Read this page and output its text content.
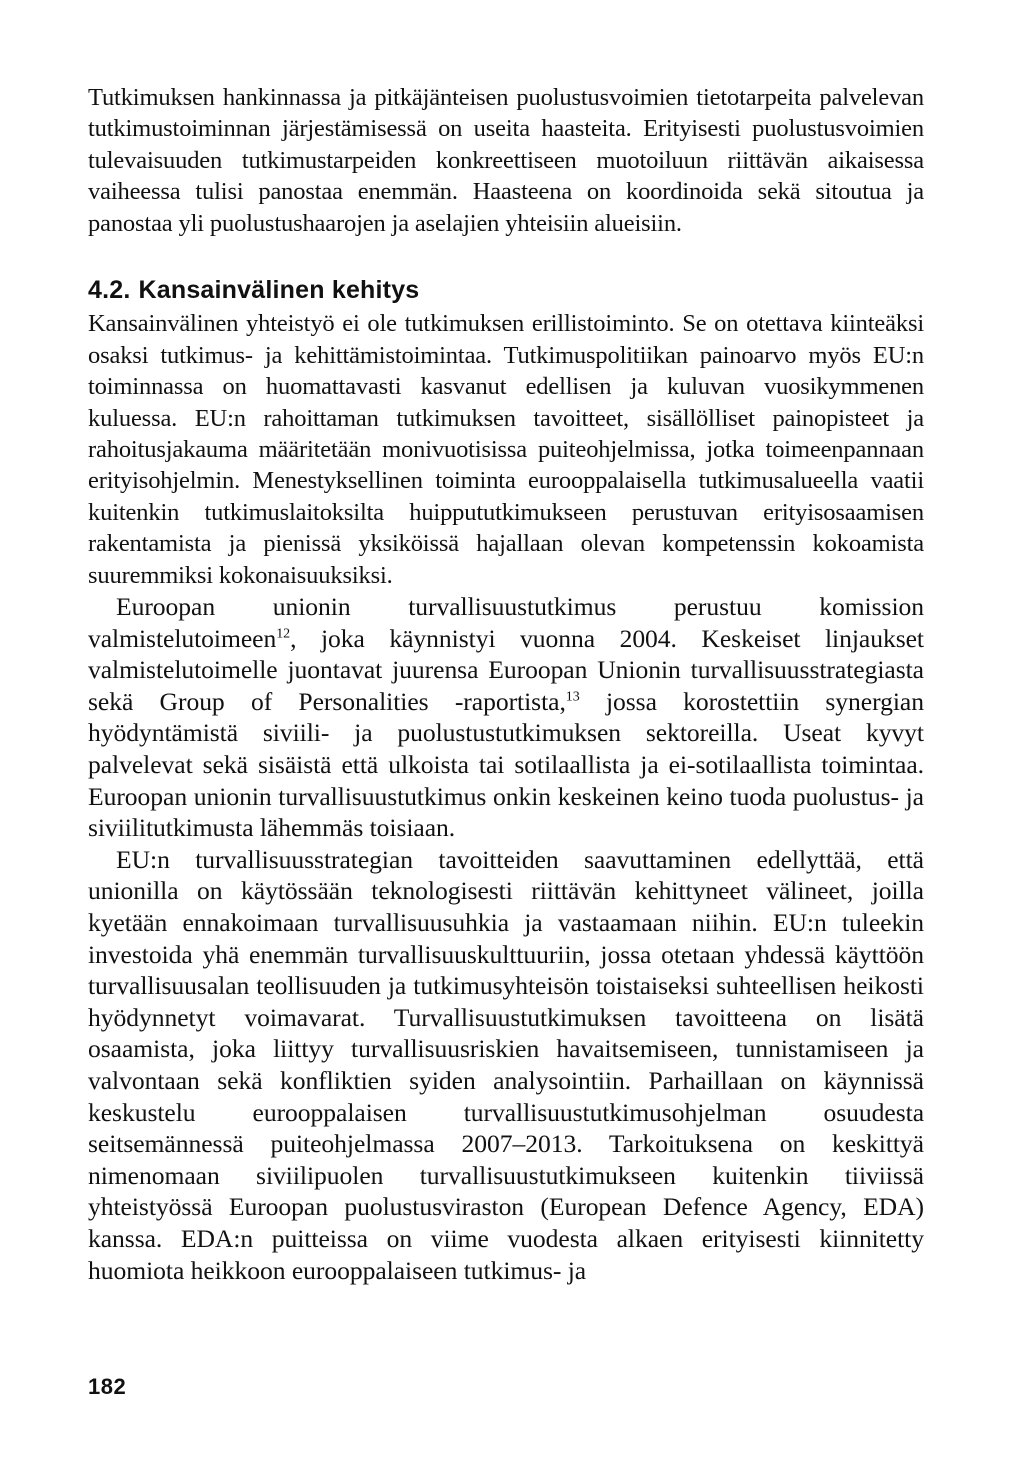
Tutkimuksen hankinnassa ja pitkäjänteisen puolustusvoimien tietotarpeita palvelevan tutkimustoiminnan järjestämisessä on useita haasteita. Erityisesti puolustusvoimien tulevaisuuden tutkimustarpeiden konkreettiseen muotoiluun riittävän aikaisessa vaiheessa tulisi panostaa enemmän. Haasteena on koordinoida sekä sitoutua ja panostaa yli puolustushaarojen ja aselajien yhteisiin alueisiin.

4.2. Kansainvälinen kehitys

Kansainvälinen yhteistyö ei ole tutkimuksen erillistoiminto. Se on otettava kiinteäksi osaksi tutkimus- ja kehittämistoimintaa. Tutkimuspolitiikan painoarvo myös EU:n toiminnassa on huomattavasti kasvanut edellisen ja kuluvan vuosikymmenen kuluessa. EU:n rahoittaman tutkimuksen tavoitteet, sisällölliset painopisteet ja rahoitusjakauma määritetään monivuotisissa puiteohjelmissa, jotka toimeenpannaan erityisohjelmin. Menestyksellinen toiminta eurooppalaisella tutkimusalueella vaatii kuitenkin tutkimuslaitoksilta huippututkimukseen perustuvan erityisosaamisen rakentamista ja pienissä yksiköissä hajallaan olevan kompetenssin kokoamista suuremmiksi kokonaisuuksiksi.

Euroopan unionin turvallisuustutkimus perustuu komission valmistelutoimeen$^{12}$, joka käynnistyi vuonna 2004. Keskeiset linjaukset valmistelutoimelle juontavat juurensa Euroopan Unionin turvallisuusstrategiasta sekä Group of Personalities -raportista,$^{13}$ jossa korostettiin synergian hyödyntämistä siviili- ja puolustustutkimuksen sektoreilla. Useat kyvyt palvelevat sekä sisäistä että ulkoista tai sotilaallista ja ei-sotilaallista toimintaa. Euroopan unionin turvallisuustutkimus onkin keskeinen keino tuoda puolustus- ja siviilitutkimusta lähemmäs toisiaan.

EU:n turvallisuusstrategian tavoitteiden saavuttaminen edellyttää, että unionilla on käytössään teknologisesti riittävän kehittyneet välineet, joilla kyetään ennakoimaan turvallisuusuhkia ja vastaamaan niihin. EU:n tuleekin investoida yhä enemmän turvallisuuskulttuuriin, jossa otetaan yhdessä käyttöön turvallisuusalan teollisuuden ja tutkimusyhteisön toistaiseksi suhteellisen heikosti hyödynnetyt voimavarat. Turvallisuustutkimuksen tavoitteena on lisätä osaamista, joka liittyy turvallisuusriskien havaitsemiseen, tunnistamiseen ja valvontaan sekä konfliktien syiden analysointiin. Parhaillaan on käynnissä keskustelu eurooppalaisen turvallisuustutkimusohjelman osuudesta seitsemännessä puiteohjelmassa 2007–2013. Tarkoituksena on keskittyä nimenomaan siviilipuolen turvallisuustutkimukseen kuitenkin tiiviissä yhteistyössä Euroopan puolustusviraston (European Defence Agency, EDA) kanssa. EDA:n puitteissa on viime vuodesta alkaen erityisesti kiinnitetty huomiota heikkoon eurooppalaiseen tutkimus- ja

182
